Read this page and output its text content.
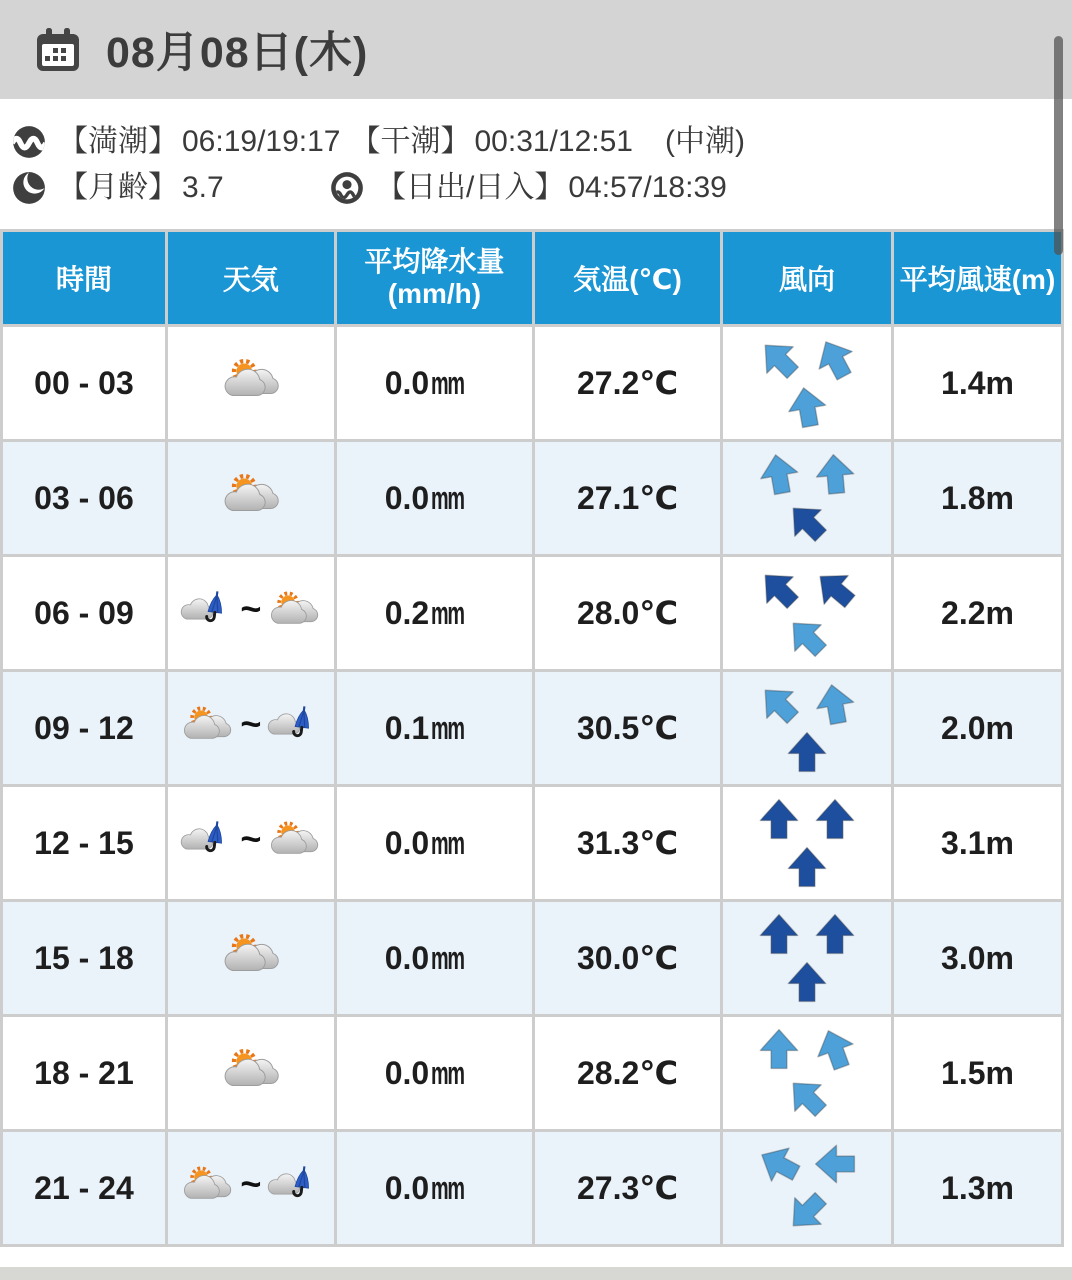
08月08日(木)
【満潮】 06:19/19:17 【干潮】 00:31/12:51 (中潮)
【月齢】 3.7	【日出/日入】 04:57/18:39
時間	天気	平均降水量
(mm/h)	気温(℃)	風向	平均風速(m)
00 - 03		0.0mm	27.2℃		1.4m
03 - 06		0.0mm	27.1℃		1.8m
06 - 09	~	0.2mm	28.0℃		2.2m
09 - 12	~	0.1mm	30.5℃		2.0m
12 - 15	~	0.0mm	31.3℃		3.1m
15 - 18		0.0mm	30.0℃		3.0m
18 - 21		0.0mm	28.2℃		1.5m
21 - 24	~	0.0mm	27.3℃		1.3m
